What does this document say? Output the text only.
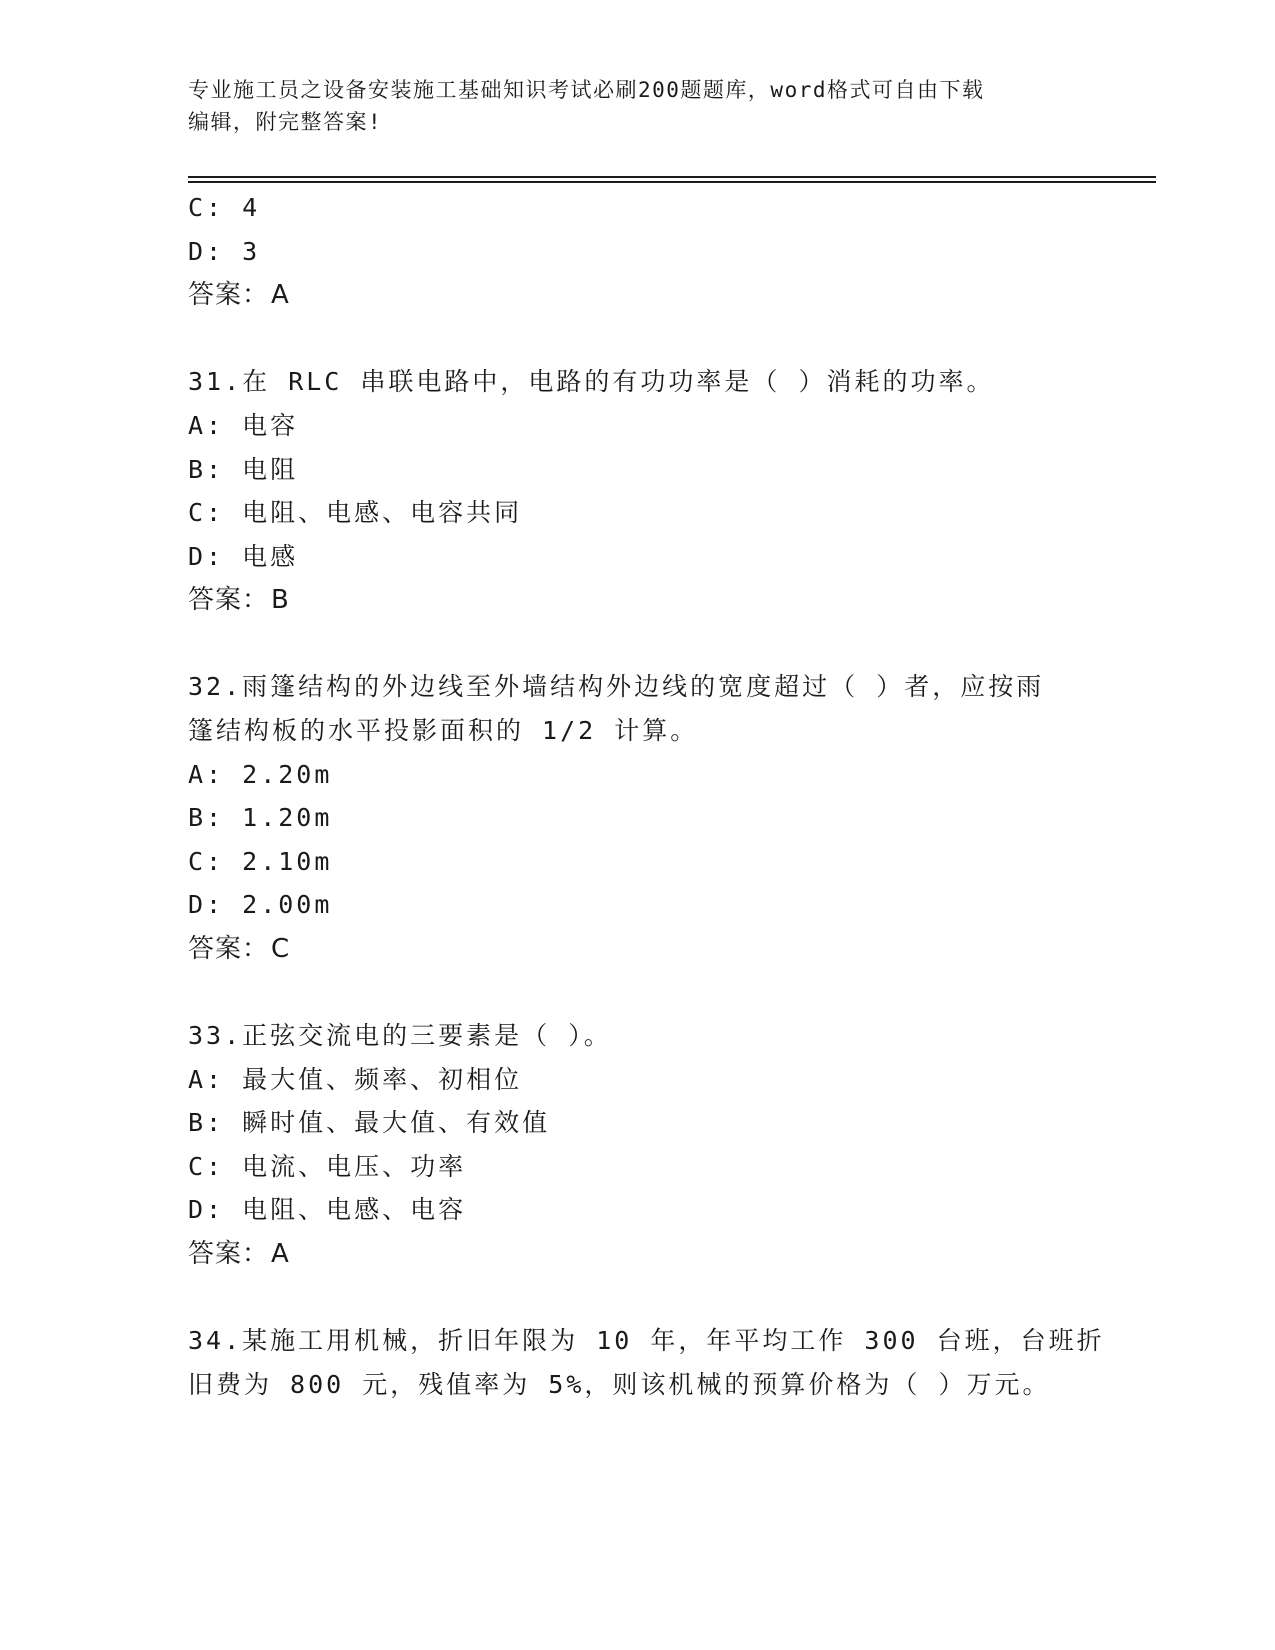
专业施工员之设备安装施工基础知识考试必刷200题题库，word格式可自由下载
编辑，附完整答案!
C: 4
D: 3
答案：A
31.在 RLC 串联电路中，电路的有功功率是（ ）消耗的功率。
A: 电容
B: 电阻
C: 电阻、电感、电容共同
D: 电感
答案：B
32.雨篷结构的外边线至外墙结构外边线的宽度超过（ ）者，应按雨
篷结构板的水平投影面积的 1/2 计算。
A: 2.20m
B: 1.20m
C: 2.10m
D: 2.00m
答案：C
33.正弦交流电的三要素是（ ）。
A: 最大值、频率、初相位
B: 瞬时值、最大值、有效值
C: 电流、电压、功率
D: 电阻、电感、电容
答案：A
34.某施工用机械，折旧年限为 10 年，年平均工作 300 台班，台班折
旧费为 800 元，残值率为 5%，则该机械的预算价格为（ ）万元。
